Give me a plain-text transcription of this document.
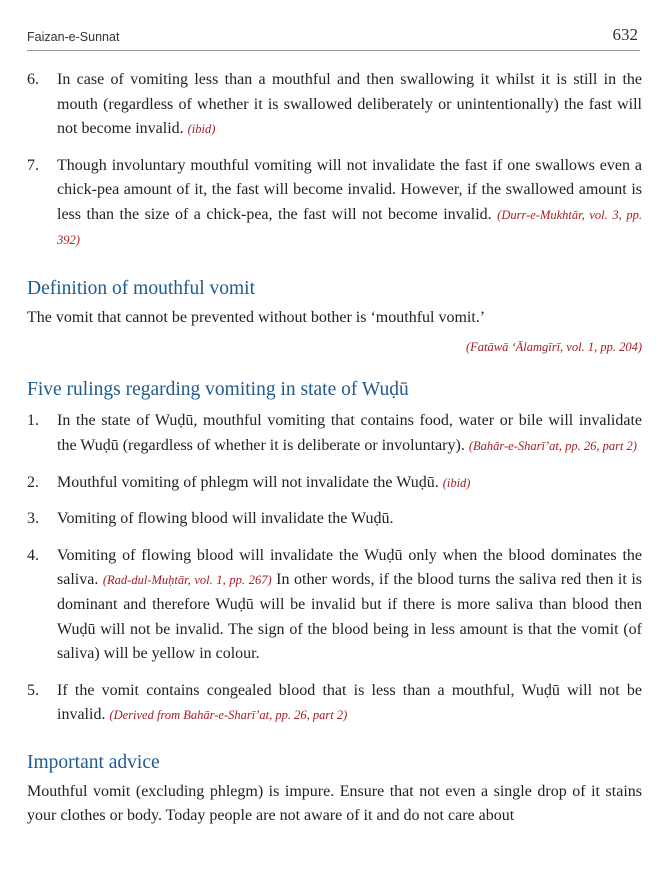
Faizan-e-Sunnat	632
6. In case of vomiting less than a mouthful and then swallowing it whilst it is still in the mouth (regardless of whether it is swallowed deliberately or unintentionally) the fast will not become invalid. (ibid)
7. Though involuntary mouthful vomiting will not invalidate the fast if one swallows even a chick-pea amount of it, the fast will become invalid. However, if the swallowed amount is less than the size of a chick-pea, the fast will not become invalid. (Durr-e-Mukhtār, vol. 3, pp. 392)
Definition of mouthful vomit

The vomit that cannot be prevented without bother is ‘mouthful vomit.’

(Fatāwā ‘Ālamgīrī, vol. 1, pp. 204)
Five rulings regarding vomiting in state of Wuḍū
1. In the state of Wuḍū, mouthful vomiting that contains food, water or bile will invalidate the Wuḍū (regardless of whether it is deliberate or involuntary). (Bahār-e-Sharī’at, pp. 26, part 2)
2. Mouthful vomiting of phlegm will not invalidate the Wuḍū. (ibid)
3. Vomiting of flowing blood will invalidate the Wuḍū.
4. Vomiting of flowing blood will invalidate the Wuḍū only when the blood dominates the saliva. (Rad-dul-Muḥtār, vol. 1, pp. 267) In other words, if the blood turns the saliva red then it is dominant and therefore Wuḍū will be invalid but if there is more saliva than blood then Wuḍū will not be invalid. The sign of the blood being in less amount is that the vomit (of saliva) will be yellow in colour.
5. If the vomit contains congealed blood that is less than a mouthful, Wuḍū will not be invalid. (Derived from Bahār-e-Sharī’at, pp. 26, part 2)
Important advice

Mouthful vomit (excluding phlegm) is impure. Ensure that not even a single drop of it stains your clothes or body. Today people are not aware of it and do not care about
